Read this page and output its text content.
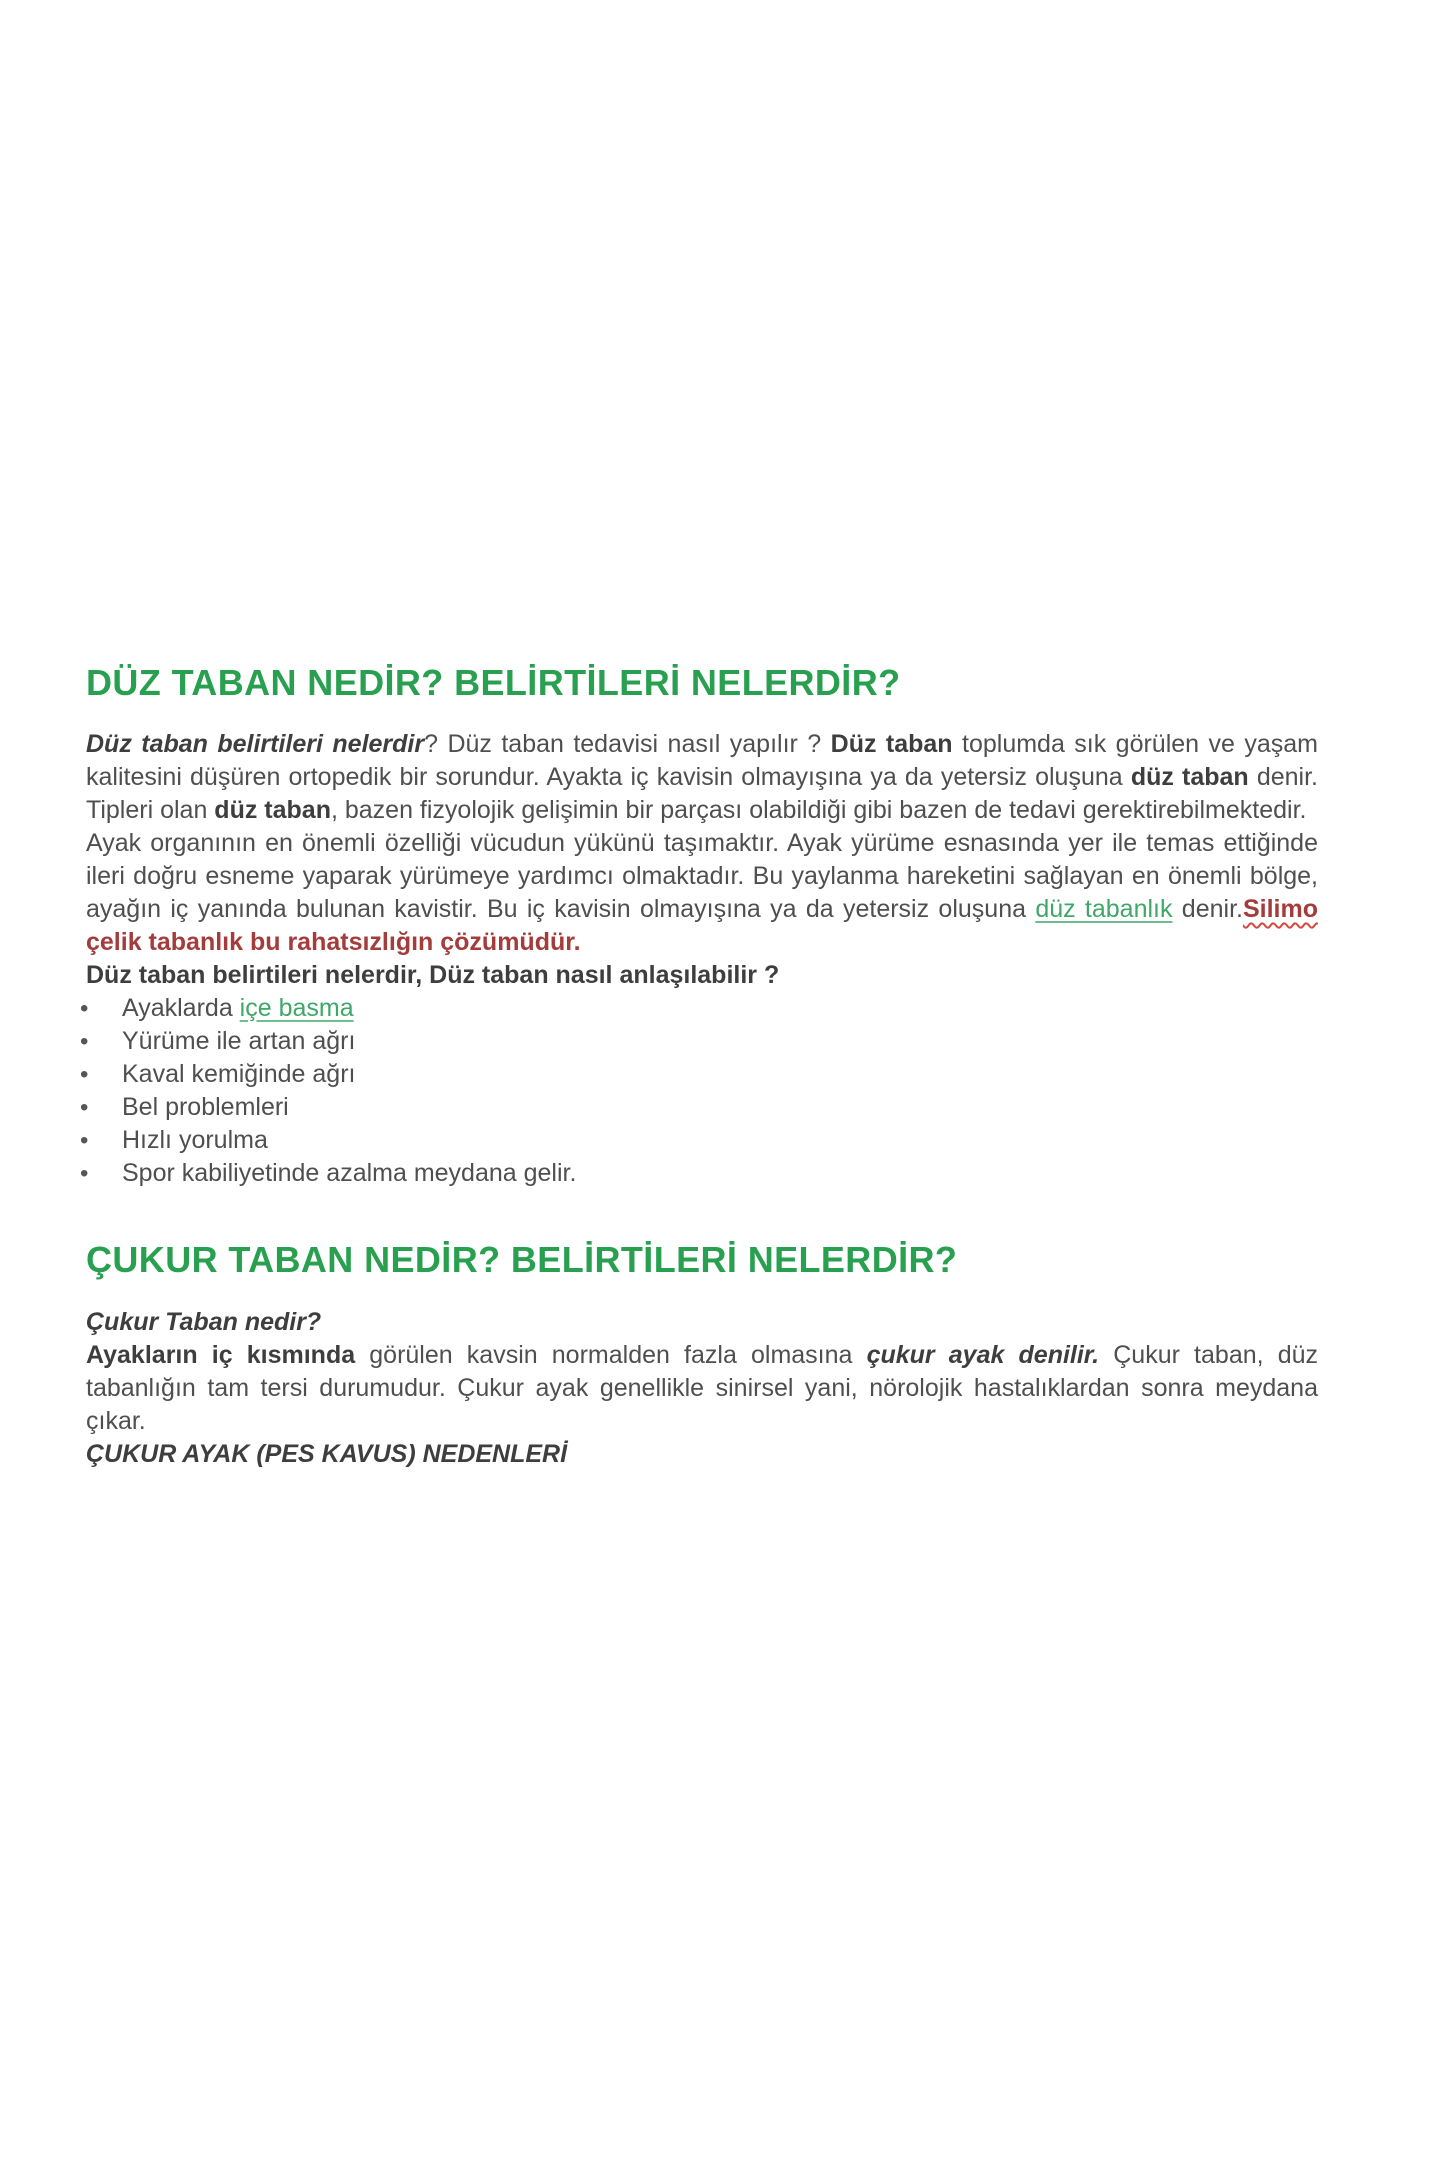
DÜZ TABAN NEDİR? BELİRTİLERİ NELERDİR?

Düz taban belirtileri nelerdir? Düz taban tedavisi nasıl yapılır ? Düz taban toplumda sık görülen ve yaşam kalitesini düşüren ortopedik bir sorundur. Ayakta iç kavisin olmayışına ya da yetersiz oluşuna düz taban denir. Tipleri olan düz taban, bazen fizyolojik gelişimin bir parçası olabildiği gibi bazen de tedavi gerektirebilmektedir.

Ayak organının en önemli özelliği vücudun yükünü taşımaktır. Ayak yürüme esnasında yer ile temas ettiğinde ileri doğru esneme yaparak yürümeye yardımcı olmaktadır. Bu yaylanma hareketini sağlayan en önemli bölge, ayağın iç yanında bulunan kavistir. Bu iç kavisin olmayışına ya da yetersiz oluşuna düz tabanlık denir.Silimo çelik tabanlık bu rahatsızlığın çözümüdür.

Düz taban belirtileri nelerdir, Düz taban nasıl anlaşılabilir ?

• Ayaklarda içe basma
• Yürüme ile artan ağrı
• Kaval kemiğinde ağrı
• Bel problemleri
• Hızlı yorulma
• Spor kabiliyetinde azalma meydana gelir.
ÇUKUR TABAN NEDİR? BELİRTİLERİ NELERDİR?

Çukur Taban nedir?

Ayakların iç kısmında görülen kavsin normalden fazla olmasına çukur ayak denilir. Çukur taban, düz tabanlığın tam tersi durumudur. Çukur ayak genellikle sinirsel yani, nörolojik hastalıklardan sonra meydana çıkar.

ÇUKUR AYAK (PES KAVUS) NEDENLERİ
